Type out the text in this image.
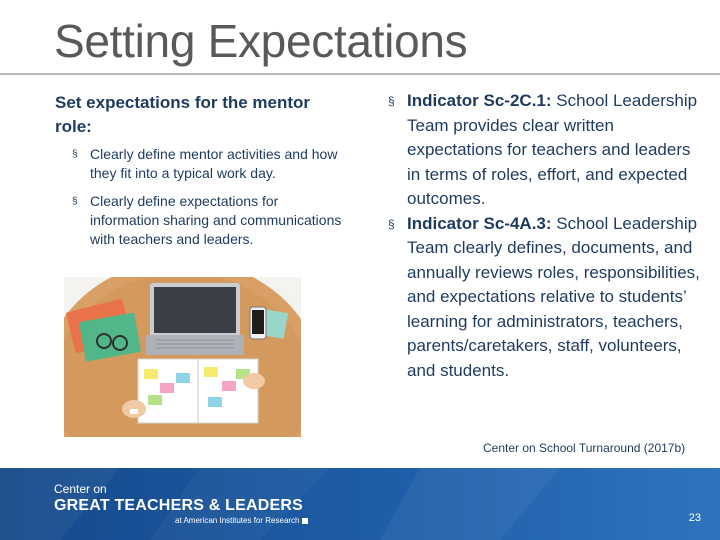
Setting Expectations
Set expectations for the mentor role:
§ Clearly define mentor activities and how they fit into a typical work day.
§ Clearly define expectations for information sharing and communications with teachers and leaders.
§ Indicator Sc-2C.1: School Leadership Team provides clear written expectations for teachers and leaders in terms of roles, effort, and expected outcomes.
§ Indicator Sc-4A.3: School Leadership Team clearly defines, documents, and annually reviews roles, responsibilities, and expectations relative to students’ learning for administrators, teachers, parents/caretakers, staff, volunteers, and students.
Center on School Turnaround (2017b)
Center on
GREAT TEACHERS & LEADERS
at American Institutes for Research	23
